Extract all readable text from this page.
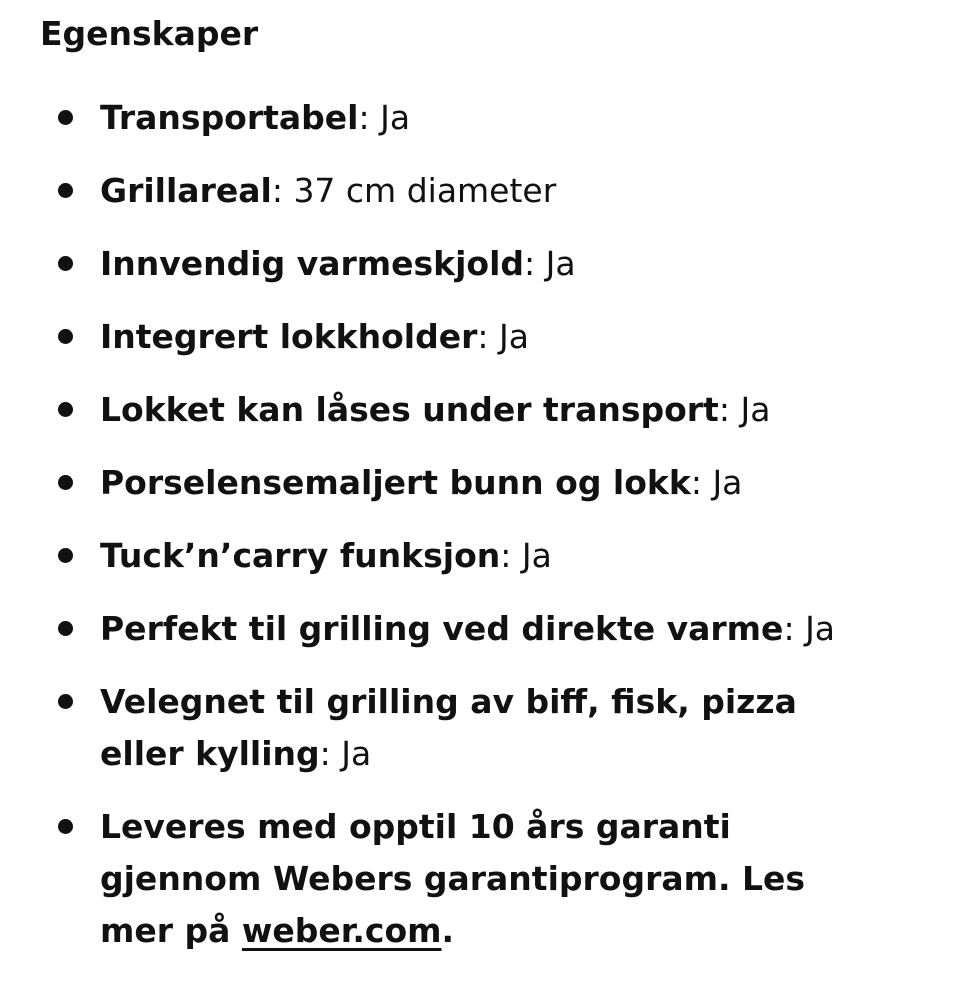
Egenskaper
Transportabel: Ja
Grillareal: 37 cm diameter
Innvendig varmeskjold: Ja
Integrert lokkholder: Ja
Lokket kan låses under transport: Ja
Porselensemaljert bunn og lokk: Ja
Tuck’n’carry funksjon: Ja
Perfekt til grilling ved direkte varme: Ja
Velegnet til grilling av biff, fisk, pizza eller kylling: Ja
Leveres med opptil 10 års garanti gjennom Webers garantiprogram. Les mer på weber.com.
